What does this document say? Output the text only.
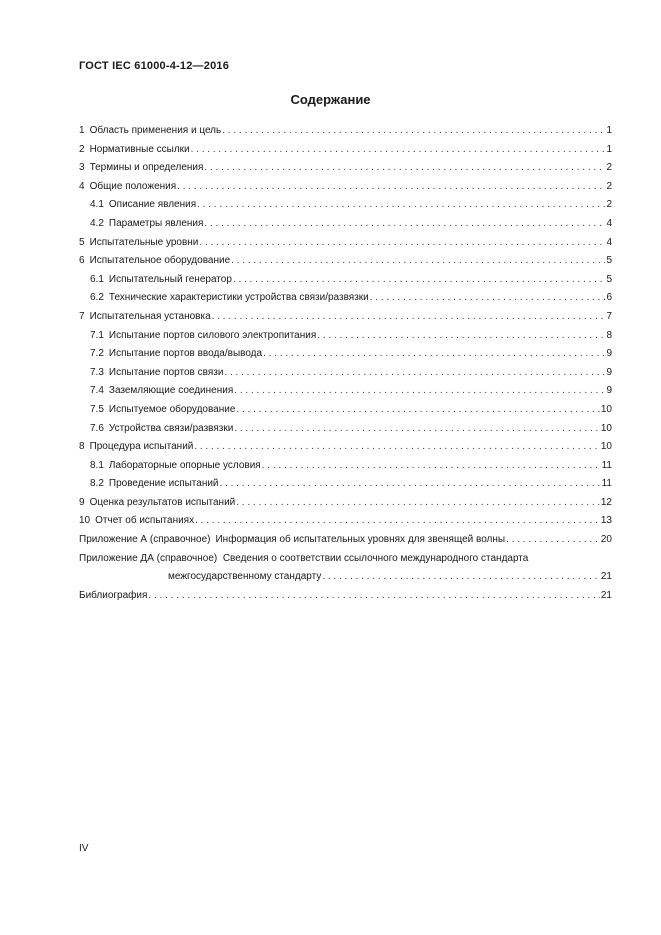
ГОСТ IEC 61000-4-12—2016
Содержание
1 Область применения и цель . . .	1
2 Нормативные ссылки . . .	1
3 Термины и определения . . .	2
4 Общие положения . . .	2
4.1 Описание явления . . .	2
4.2 Параметры явления . . .	4
5 Испытательные уровни . . .	4
6 Испытательное оборудование . . .	5
6.1 Испытательный генератор . . .	5
6.2 Технические характеристики устройства связи/развязки . . .	6
7 Испытательная установка . . .	7
7.1 Испытание портов силового электропитания . . .	8
7.2 Испытание портов ввода/вывода . . .	9
7.3 Испытание портов связи . . .	9
7.4 Заземляющие соединения . . .	9
7.5 Испытуемое оборудование . . .	10
7.6 Устройства связи/развязки . . .	10
8 Процедура испытаний . . .	10
8.1 Лабораторные опорные условия . . .	11
8.2 Проведение испытаний . . .	11
9 Оценка результатов испытаний . . .	12
10 Отчет об испытаниях . . .	13
Приложение А (справочное) Информация об испытательных уровнях для звенящей волны . . .	20
Приложение ДА (справочное) Сведения о соответствии ссылочного международного стандарта
межгосударственному стандарту . . .	21
Библиография . . .	21
IV
